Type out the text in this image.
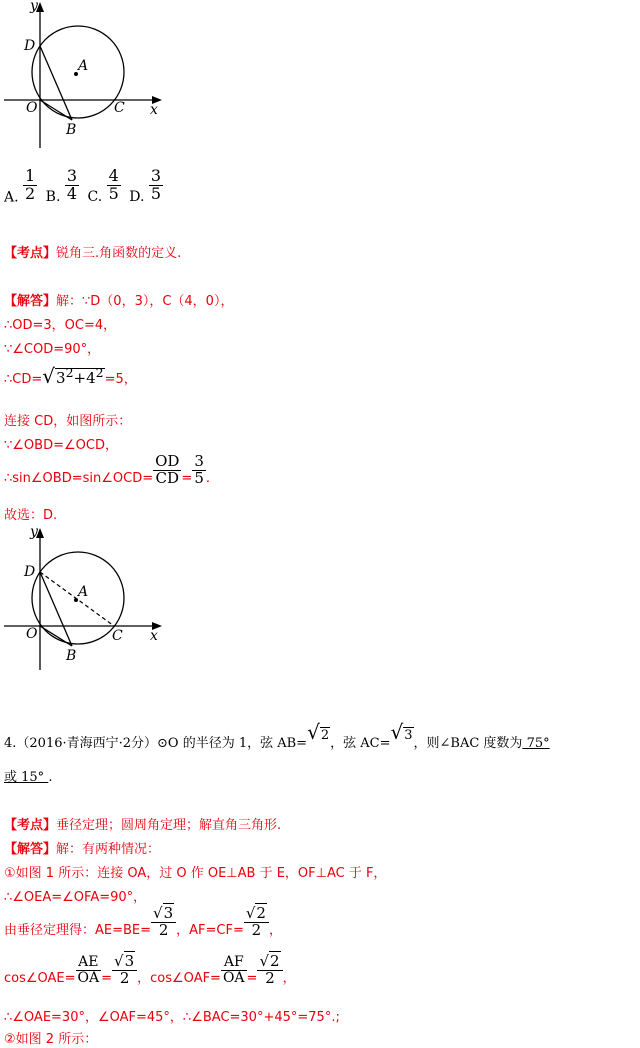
y
D
A
O	C x
B
A. $\frac{1}{2} B$. $\frac{3}{4} C$. $\frac{4}{5} D$. $\frac{3}{5}$
【考点】锐角三.角函数的定义.
【解答】解：∵D（0，3），C（4，0），
∴OD=3，OC=4，
∵∠COD=90°，
$\therefore CD=√3^2+4^2=5$，
连接 CD，如图所示：
∵∠OBD=∠OCD，
∴sin∠OBD=sin∠OCD= $\frac{OD}{CD} = \frac{3}{5}$ .
故选：D.
y
D
A
O	C x
B
4.（2016·青海西宁·2分）⊙O 的半径为 1，弦 AB=√2，弦 AC=√3，则∠BAC 度数为 75°
或 15° .
【考点】垂径定理；圆周角定理；解直角三角形.
【解答】解：有两种情况：
①如图 1 所示：连接 OA，过 O 作 OE⊥AB 于 E，OF⊥AC 于 F，
∴∠OEA=∠OFA=90°，
由垂径定理得：$AE=BE= \frac{√3}{2}$ ，$AF=CF= \frac{√2}{2}$ ，
cos∠OAE= $\frac{AE}{OA} = \frac{√3}{2}$ ，cos∠OAF= $\frac{AF}{OA} = \frac{√2}{2}$ ，
∴∠OAE=30°，∠OAF=45°，∴∠BAC=30°+45°=75°.;
②如图 2 所示：
